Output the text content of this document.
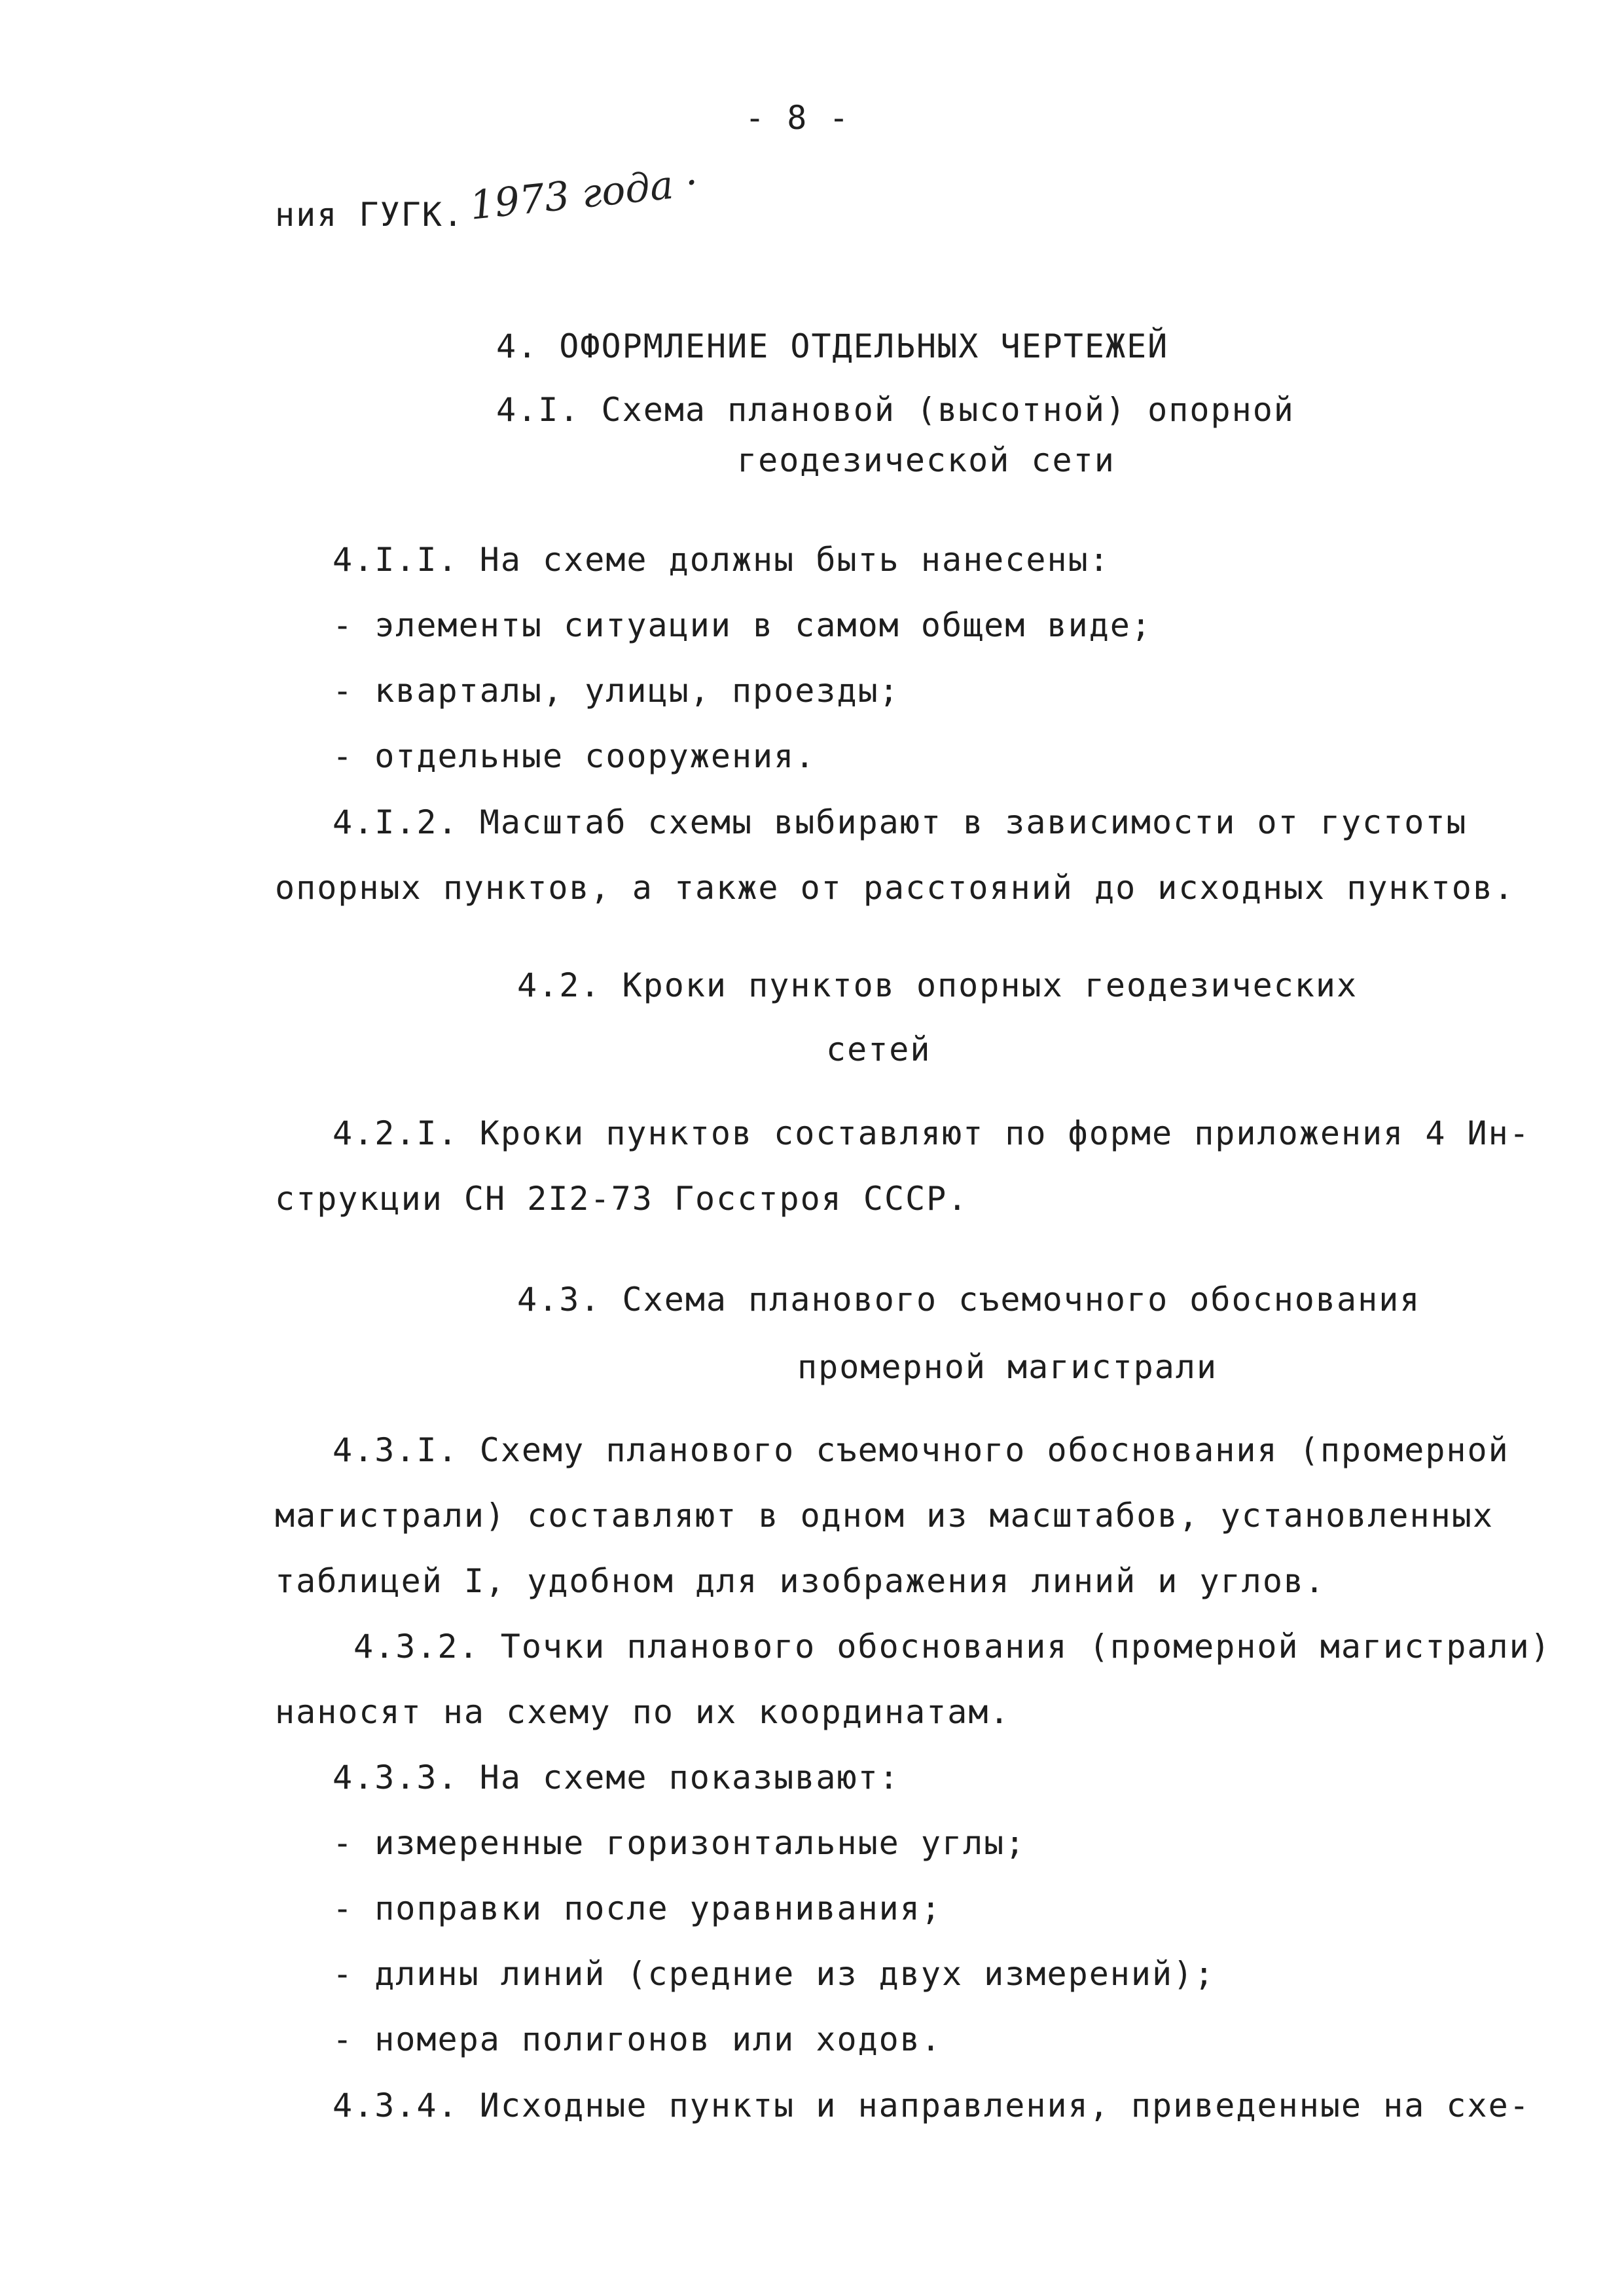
- 8 -
ния ГУГК. 1973 года ·
4. ОФОРМЛЕНИЕ ОТДЕЛЬНЫХ ЧЕРТЕЖЕЙ
4.I. Схема плановой (высотной) опорной
геодезической сети
4.I.I. На схеме должны быть нанесены:
- элементы ситуации в самом общем виде;
- кварталы, улицы, проезды;
- отдельные сооружения.
4.I.2. Масштаб схемы выбирают в зависимости от густоты
опорных пунктов, а также от расстояний до исходных пунктов.
4.2. Кроки пунктов опорных геодезических
сетей
4.2.I. Кроки пунктов составляют по форме приложения 4 Ин-
струкции СН 2I2-73 Госстроя СССР.
4.3. Схема планового съемочного обоснования
промерной магистрали
4.3.I. Схему планового съемочного обоснования (промерной
магистрали) составляют в одном из масштабов, установленных
таблицей I, удобном для изображения линий и углов.
4.3.2. Точки планового обоснования (промерной магистрали)
наносят на схему по их координатам.
4.3.3. На схеме показывают:
- измеренные горизонтальные углы;
- поправки после уравнивания;
- длины линий (средние из двух измерений);
- номера полигонов или ходов.
4.3.4. Исходные пункты и направления, приведенные на схе-
